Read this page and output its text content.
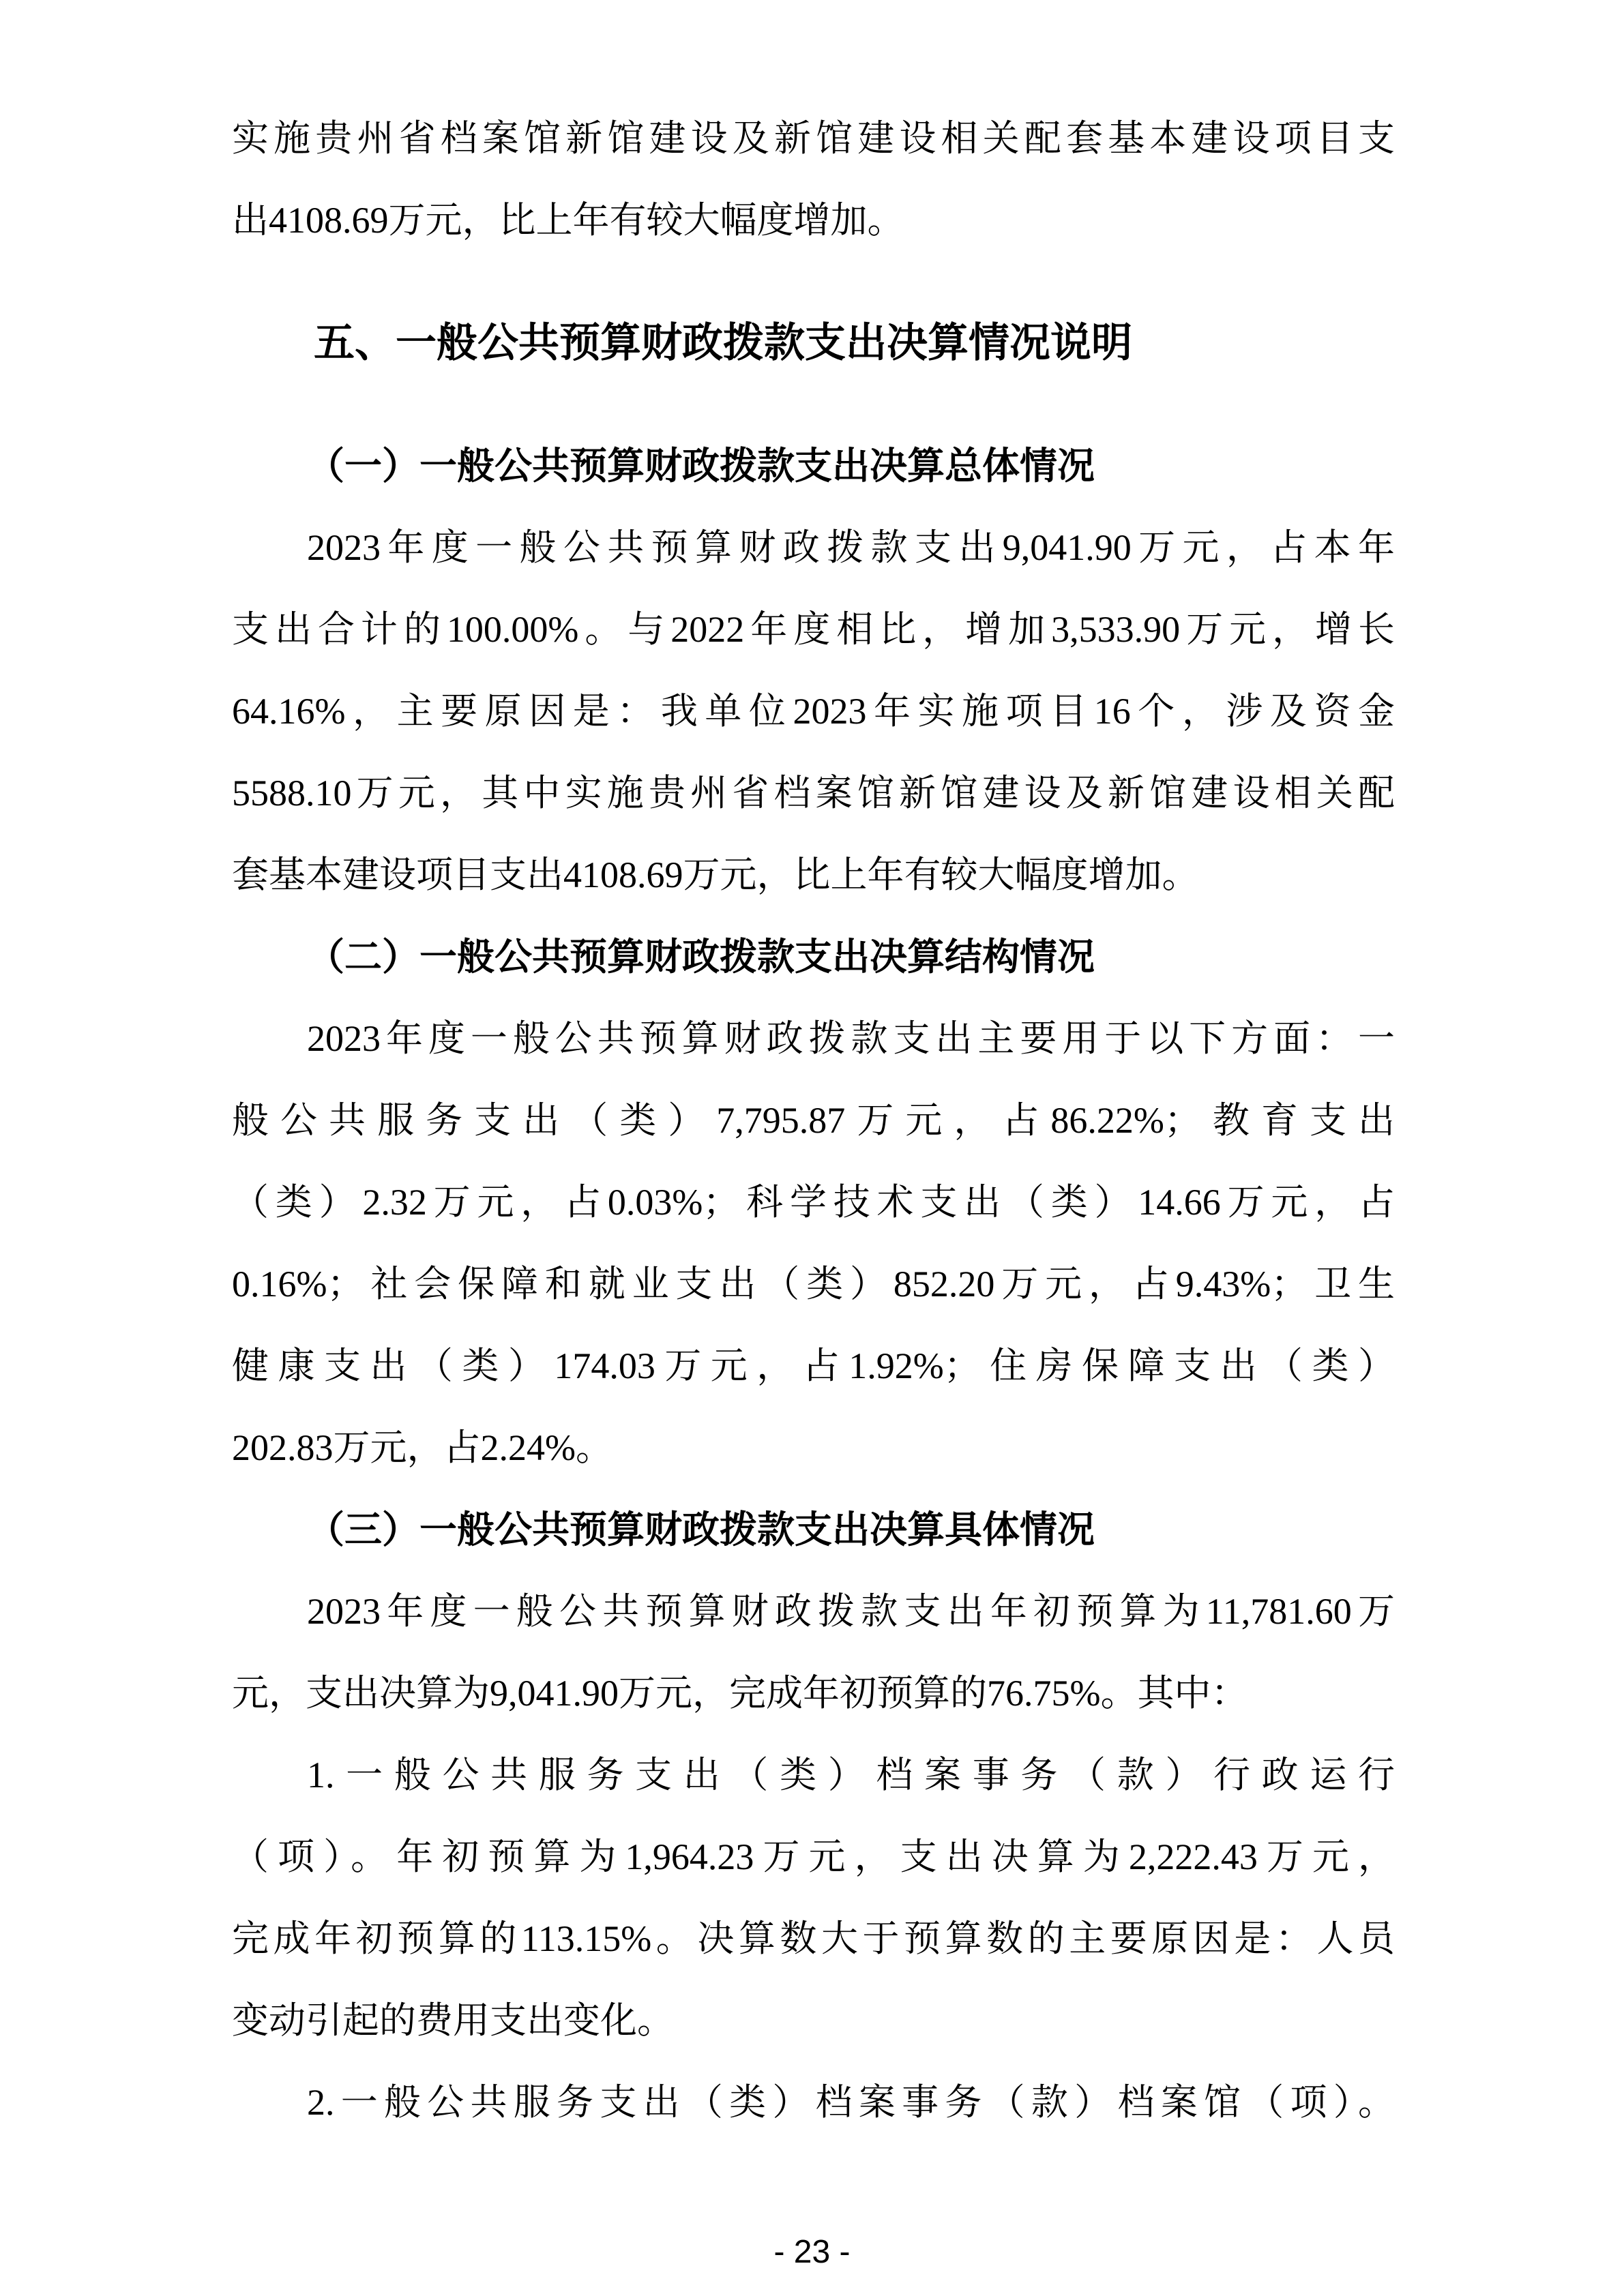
实施贵州省档案馆新馆建设及新馆建设相关配套基本建设项目支
出4108.69万元，比上年有较大幅度增加。
五、一般公共预算财政拨款支出决算情况说明
（一）一般公共预算财政拨款支出决算总体情况
2023年度一般公共预算财政拨款支出9,041.90万元，占本年
支出合计的100.00%。与2022年度相比，增加3,533.90万元，增长
64.16%，主要原因是：我单位2023年实施项目16个，涉及资金
5588.10万元，其中实施贵州省档案馆新馆建设及新馆建设相关配
套基本建设项目支出4108.69万元，比上年有较大幅度增加。
（二）一般公共预算财政拨款支出决算结构情况
2023年度一般公共预算财政拨款支出主要用于以下方面：一
般公共服务支出（类）7,795.87万元，占86.22%；教育支出
（类）2.32万元，占0.03%；科学技术支出（类）14.66万元，占
0.16%；社会保障和就业支出（类）852.20万元，占9.43%；卫生
健康支出（类）174.03万元，占1.92%；住房保障支出（类）
202.83万元，占2.24%。
（三）一般公共预算财政拨款支出决算具体情况
2023年度一般公共预算财政拨款支出年初预算为11,781.60万
元，支出决算为9,041.90万元，完成年初预算的76.75%。其中：
1.一般公共服务支出（类）档案事务（款）行政运行
（项）。年初预算为1,964.23万元，支出决算为2,222.43万元，
完成年初预算的113.15%。决算数大于预算数的主要原因是：人员
变动引起的费用支出变化。
2.一般公共服务支出（类）档案事务（款）档案馆（项）。
- 23 -
